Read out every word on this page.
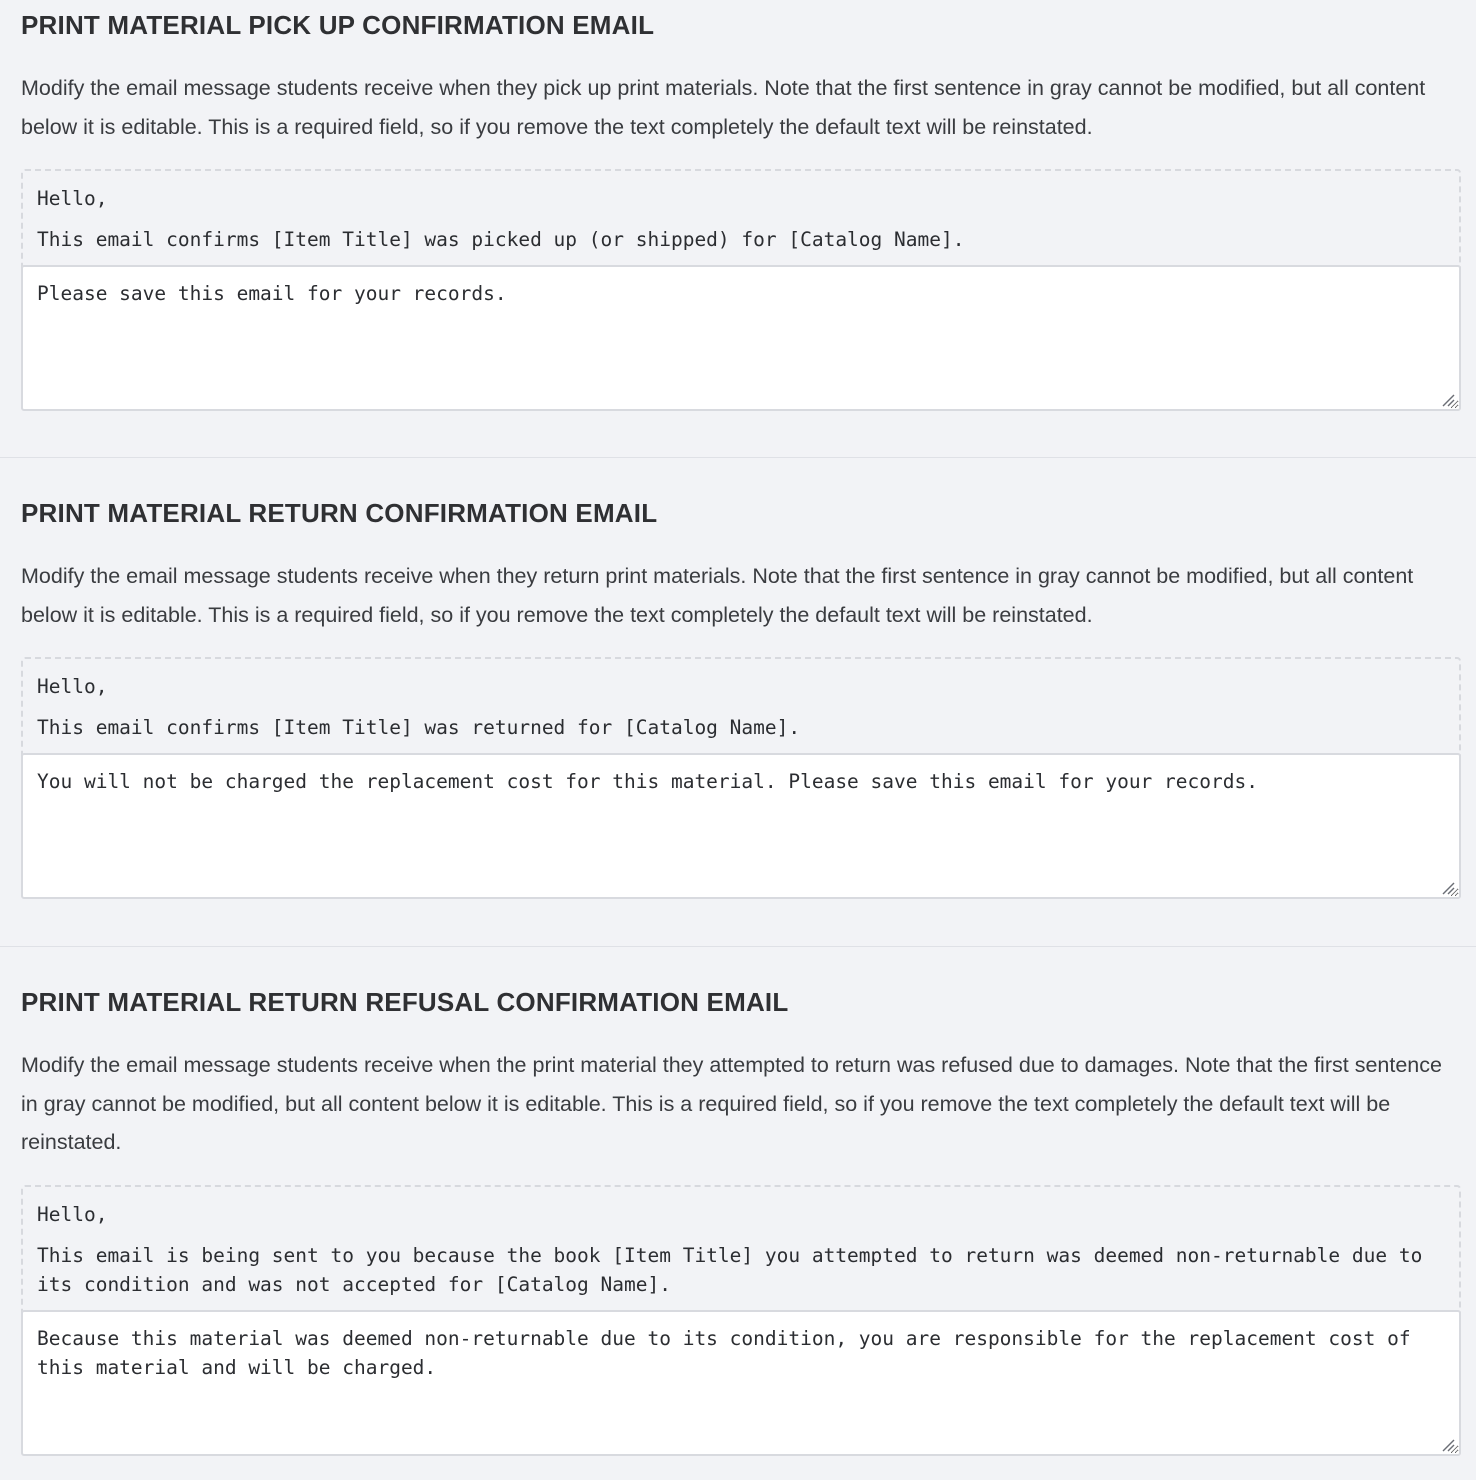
PRINT MATERIAL PICK UP CONFIRMATION EMAIL

Modify the email message students receive when they pick up print materials. Note that the first sentence in gray cannot be modified, but all content below it is editable. This is a required field, so if you remove the text completely the default text will be reinstated.

Hello,
This email confirms [Item Title] was picked up (or shipped) for [Catalog Name].
Please save this email for your records.
PRINT MATERIAL RETURN CONFIRMATION EMAIL

Modify the email message students receive when they return print materials. Note that the first sentence in gray cannot be modified, but all content below it is editable. This is a required field, so if you remove the text completely the default text will be reinstated.

Hello,
This email confirms [Item Title] was returned for [Catalog Name].
You will not be charged the replacement cost for this material. Please save this email for your records.
PRINT MATERIAL RETURN REFUSAL CONFIRMATION EMAIL

Modify the email message students receive when the print material they attempted to return was refused due to damages. Note that the first sentence in gray cannot be modified, but all content below it is editable. This is a required field, so if you remove the text completely the default text will be reinstated.

Hello,
This email is being sent to you because the book [Item Title] you attempted to return was deemed non-returnable due to its condition and was not accepted for [Catalog Name].
Because this material was deemed non-returnable due to its condition, you are responsible for the replacement cost of this material and will be charged.
